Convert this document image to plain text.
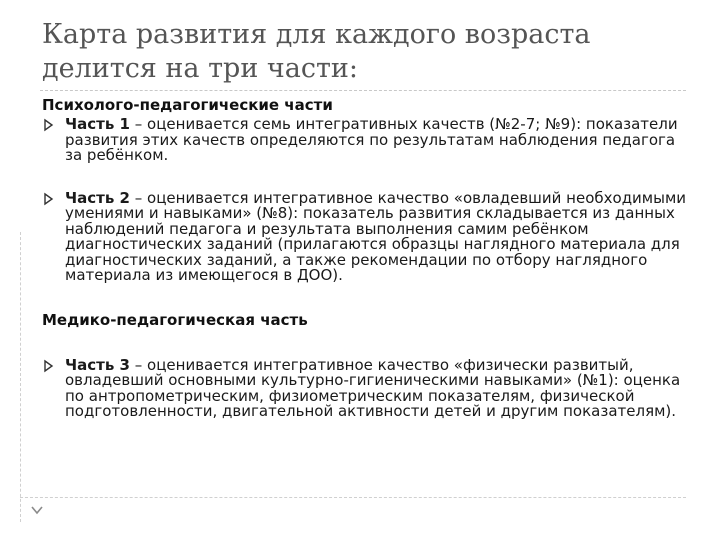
Карта развития для каждого возраста делится на три части:

Психолого-педагогические части

Часть 1 – оценивается семь интегративных качеств (№2-7; №9): показатели развития этих качеств определяются по результатам наблюдения педагога за ребёнком.
Часть 2 – оценивается интегративное качество «овладевший необходимыми умениями и навыками» (№8): показатель развития складывается из данных наблюдений педагога и результата выполнения самим ребёнком диагностических заданий (прилагаются образцы наглядного материала для диагностических заданий, а также рекомендации по отбору наглядного материала из имеющегося в ДОО).

Медико-педагогическая часть

Часть 3 – оценивается интегративное качество «физически развитый, овладевший основными культурно-гигиеническими навыками» (№1): оценка по антропометрическим, физиометрическим показателям, физической подготовленности, двигательной активности детей и другим показателям).
